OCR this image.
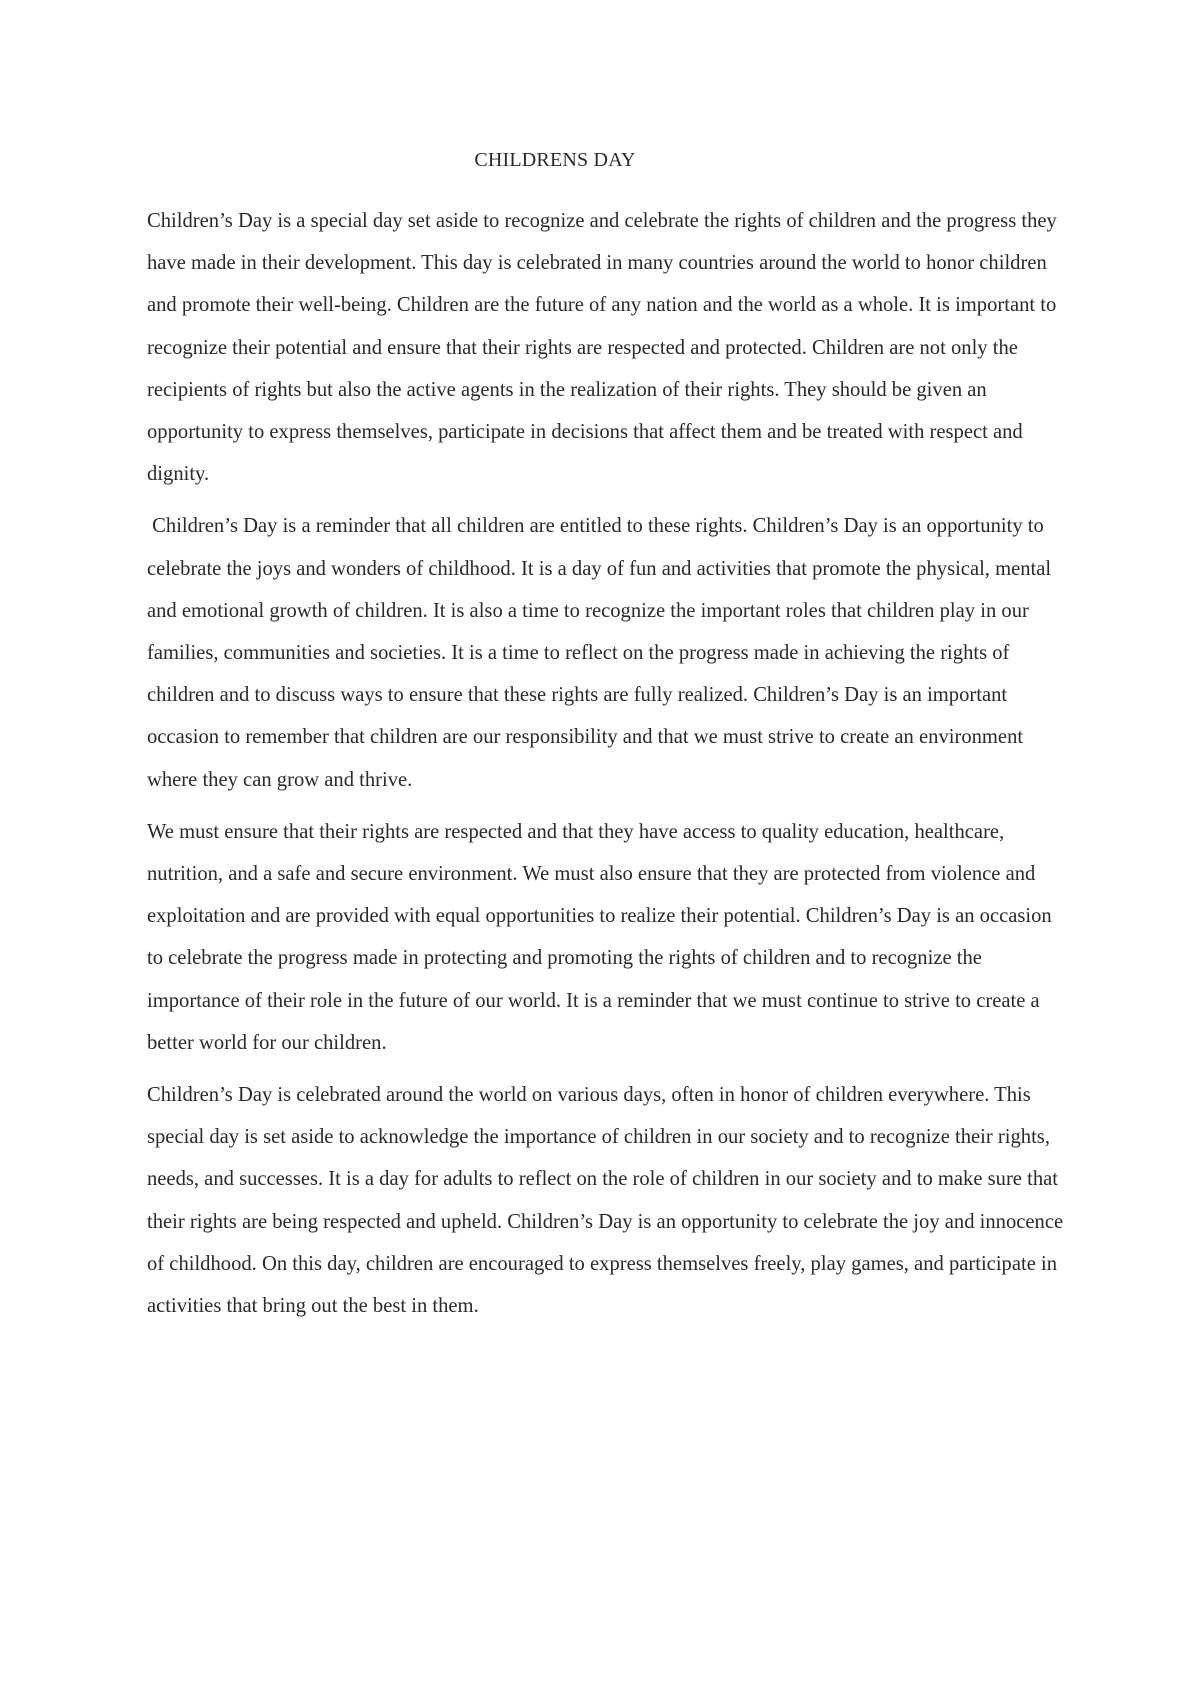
CHILDRENS DAY

Children’s Day is a special day set aside to recognize and celebrate the rights of children and the progress they have made in their development. This day is celebrated in many countries around the world to honor children and promote their well-being. Children are the future of any nation and the world as a whole. It is important to recognize their potential and ensure that their rights are respected and protected. Children are not only the recipients of rights but also the active agents in the realization of their rights. They should be given an opportunity to express themselves, participate in decisions that affect them and be treated with respect and dignity.

Children’s Day is a reminder that all children are entitled to these rights. Children’s Day is an opportunity to celebrate the joys and wonders of childhood. It is a day of fun and activities that promote the physical, mental and emotional growth of children. It is also a time to recognize the important roles that children play in our families, communities and societies. It is a time to reflect on the progress made in achieving the rights of children and to discuss ways to ensure that these rights are fully realized. Children’s Day is an important occasion to remember that children are our responsibility and that we must strive to create an environment where they can grow and thrive.

We must ensure that their rights are respected and that they have access to quality education, healthcare, nutrition, and a safe and secure environment. We must also ensure that they are protected from violence and exploitation and are provided with equal opportunities to realize their potential. Children’s Day is an occasion to celebrate the progress made in protecting and promoting the rights of children and to recognize the importance of their role in the future of our world. It is a reminder that we must continue to strive to create a better world for our children.

Children’s Day is celebrated around the world on various days, often in honor of children everywhere. This special day is set aside to acknowledge the importance of children in our society and to recognize their rights, needs, and successes. It is a day for adults to reflect on the role of children in our society and to make sure that their rights are being respected and upheld. Children’s Day is an opportunity to celebrate the joy and innocence of childhood. On this day, children are encouraged to express themselves freely, play games, and participate in activities that bring out the best in them.
